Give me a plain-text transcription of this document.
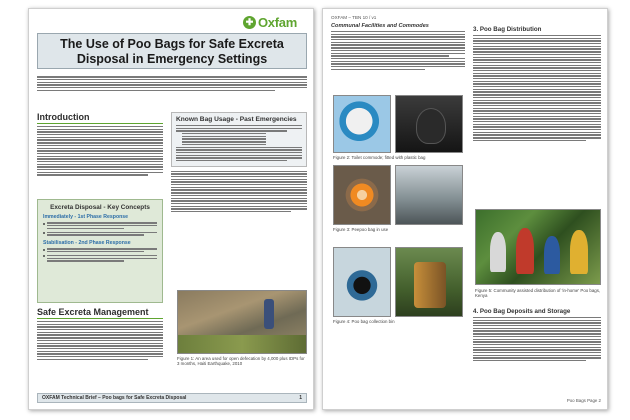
✚ Oxfam
The Use of Poo Bags for Safe Excreta Disposal in Emergency Settings
Introduction	Known Bag Usage - Past Emergencies
Excreta Disposal - Key Concepts
Immediately - 1st Phase Response
Stabilisation - 2nd Phase Response
Safe Excreta Management
Figure 1: An area used for open defecation by 4,000 plus IDPs for 3 months, Haiti Earthquake, 2010
OXFAM Technical Brief – Poo bags for Safe Excreta Disposal	1
OXFAM – TBN 10 / v1
Communal Facilities and Commodes
Figure 2: Toilet commode; fitted with plastic bag
Figure 3: Peepoo bag in use
Figure 4: Poo bag collection bin
3. Poo Bag Distribution
Figure 5: Community assisted distribution of 'in-home' Poo bags, Kenya
4. Poo Bag Deposits and Storage
Poo Bags Page 2
